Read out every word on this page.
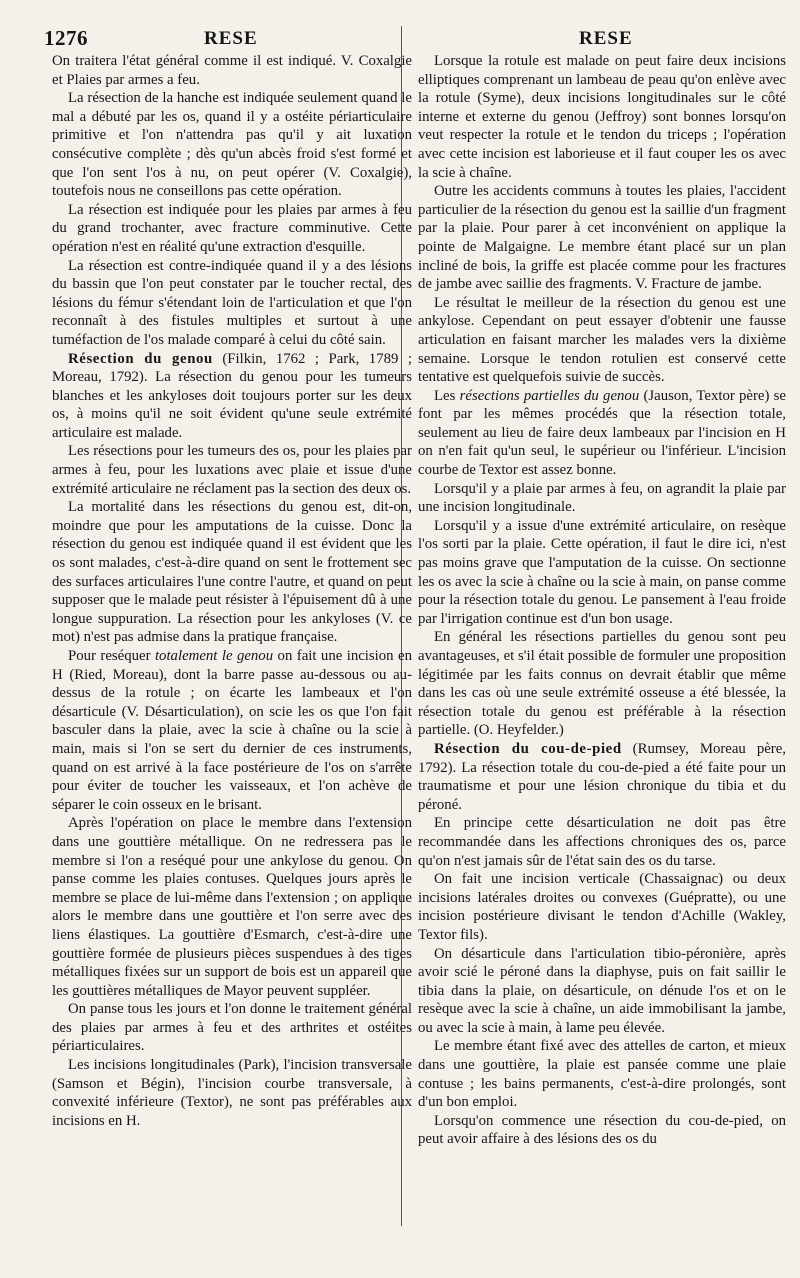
1276	RESE	RESE

On traitera l'état général comme il est indiqué. V. Coxalgie et Plaies par armes a feu.

La résection de la hanche est indiquée seulement quand le mal a débuté par les os, quand il y a ostéite périarticulaire primitive et l'on n'attendra pas qu'il y ait luxation consécutive complète ; dès qu'un abcès froid s'est formé et que l'on sent l'os à nu, on peut opérer (V. Coxalgie), toutefois nous ne conseillons pas cette opération.

La résection est indiquée pour les plaies par armes à feu du grand trochanter, avec fracture comminutive. Cette opération n'est en réalité qu'une extraction d'esquille.

La résection est contre-indiquée quand il y a des lésions du bassin que l'on peut constater par le toucher rectal, des lésions du fémur s'étendant loin de l'articulation et que l'on reconnaît à des fistules multiples et surtout à une tuméfaction de l'os malade comparé à celui du côté sain.

Résection du genou (Filkin, 1762 ; Park, 1789 ; Moreau, 1792). La résection du genou pour les tumeurs blanches et les ankyloses doit toujours porter sur les deux os, à moins qu'il ne soit évident qu'une seule extrémité articulaire est malade.

Les résections pour les tumeurs des os, pour les plaies par armes à feu, pour les luxations avec plaie et issue d'une extrémité articulaire ne réclament pas la section des deux os.

La mortalité dans les résections du genou est, dit-on, moindre que pour les amputations de la cuisse. Donc la résection du genou est indiquée quand il est évident que les os sont malades, c'est-à-dire quand on sent le frottement sec des surfaces articulaires l'une contre l'autre, et quand on peut supposer que le malade peut résister à l'épuisement dû à une longue suppuration. La résection pour les ankyloses (V. ce mot) n'est pas admise dans la pratique française.

Pour reséquer totalement le genou on fait une incision en H (Ried, Moreau), dont la barre passe au-dessous ou au-dessus de la rotule ; on écarte les lambeaux et l'on désarticule (V. Désarticulation), on scie les os que l'on fait basculer dans la plaie, avec la scie à chaîne ou la scie à main, mais si l'on se sert du dernier de ces instruments, quand on est arrivé à la face postérieure de l'os on s'arrête pour éviter de toucher les vaisseaux, et l'on achève de séparer le coin osseux en le brisant.

Après l'opération on place le membre dans l'extension dans une gouttière métallique. On ne redressera pas le membre si l'on a reséqué pour une ankylose du genou. On panse comme les plaies contuses. Quelques jours après le membre se place de lui-même dans l'extension ; on applique alors le membre dans une gouttière et l'on serre avec des liens élastiques. La gouttière d'Esmarch, c'est-à-dire une gouttière formée de plusieurs pièces suspendues à des tiges métalliques fixées sur un support de bois est un appareil que les gouttières métalliques de Mayor peuvent suppléer.

On panse tous les jours et l'on donne le traitement général des plaies par armes à feu et des arthrites et ostéites périarticulaires.

Les incisions longitudinales (Park), l'incision transversale (Samson et Bégin), l'incision courbe transversale, à convexité inférieure (Textor), ne sont pas préférables aux incisions en H.

Lorsque la rotule est malade on peut faire deux incisions elliptiques comprenant un lambeau de peau qu'on enlève avec la rotule (Syme), deux incisions longitudinales sur le côté interne et externe du genou (Jeffroy) sont bonnes lorsqu'on veut respecter la rotule et le tendon du triceps ; l'opération avec cette incision est laborieuse et il faut couper les os avec la scie à chaîne.

Outre les accidents communs à toutes les plaies, l'accident particulier de la résection du genou est la saillie d'un fragment par la plaie. Pour parer à cet inconvénient on applique la pointe de Malgaigne. Le membre étant placé sur un plan incliné de bois, la griffe est placée comme pour les fractures de jambe avec saillie des fragments. V. Fracture de jambe.

Le résultat le meilleur de la résection du genou est une ankylose. Cependant on peut essayer d'obtenir une fausse articulation en faisant marcher les malades vers la dixième semaine. Lorsque le tendon rotulien est conservé cette tentative est quelquefois suivie de succès.

Les résections partielles du genou (Jauson, Textor père) se font par les mêmes procédés que la résection totale, seulement au lieu de faire deux lambeaux par l'incision en H on n'en fait qu'un seul, le supérieur ou l'inférieur. L'incision courbe de Textor est assez bonne.

Lorsqu'il y a plaie par armes à feu, on agrandit la plaie par une incision longitudinale.

Lorsqu'il y a issue d'une extrémité articulaire, on resèque l'os sorti par la plaie. Cette opération, il faut le dire ici, n'est pas moins grave que l'amputation de la cuisse. On sectionne les os avec la scie à chaîne ou la scie à main, on panse comme pour la résection totale du genou. Le pansement à l'eau froide par l'irrigation continue est d'un bon usage.

En général les résections partielles du genou sont peu avantageuses, et s'il était possible de formuler une proposition légitimée par les faits connus on devrait établir que même dans les cas où une seule extrémité osseuse a été blessée, la résection totale du genou est préférable à la résection partielle. (O. Heyfelder.)

Résection du cou-de-pied (Rumsey, Moreau père, 1792). La résection totale du cou-de-pied a été faite pour un traumatisme et pour une lésion chronique du tibia et du péroné.

En principe cette désarticulation ne doit pas être recommandée dans les affections chroniques des os, parce qu'on n'est jamais sûr de l'état sain des os du tarse.

On fait une incision verticale (Chassaignac) ou deux incisions latérales droites ou convexes (Guépratte), ou une incision postérieure divisant le tendon d'Achille (Wakley, Textor fils).

On désarticule dans l'articulation tibio-péronière, après avoir scié le péroné dans la diaphyse, puis on fait saillir le tibia dans la plaie, on désarticule, on dénude l'os et on le resèque avec la scie à chaîne, un aide immobilisant la jambe, ou avec la scie à main, à lame peu élevée.

Le membre étant fixé avec des attelles de carton, et mieux dans une gouttière, la plaie est pansée comme une plaie contuse ; les bains permanents, c'est-à-dire prolongés, sont d'un bon emploi.

Lorsqu'on commence une résection du cou-de-pied, on peut avoir affaire à des lésions des os du
